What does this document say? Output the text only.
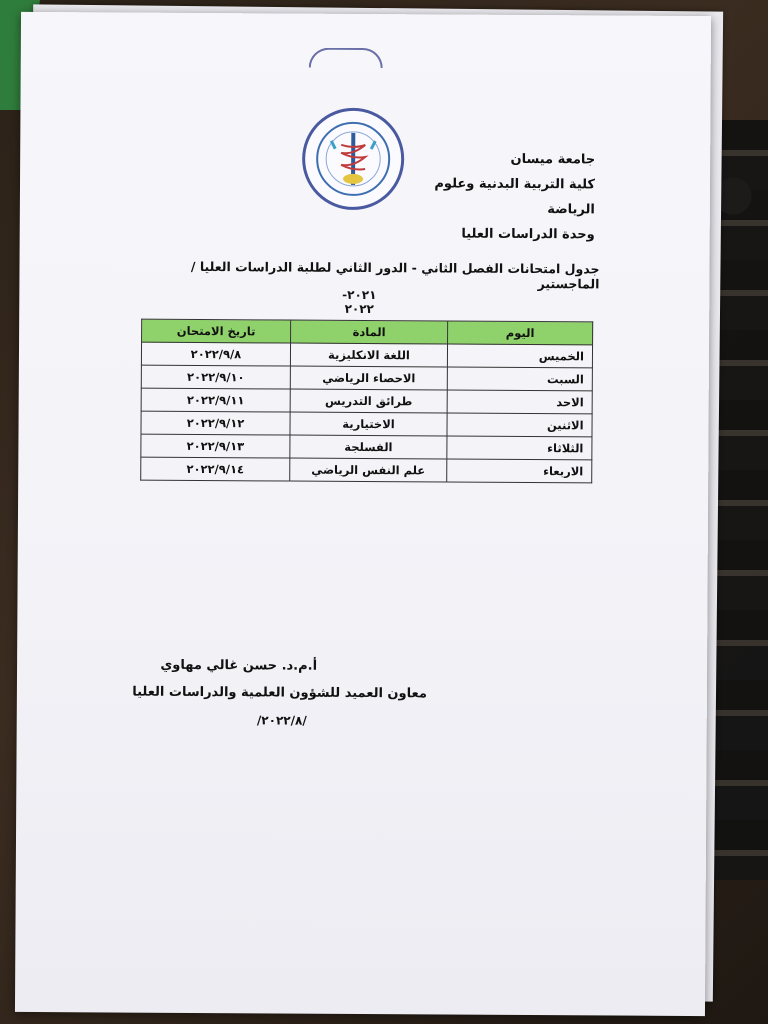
جامعة ميسان
كلية التربية البدنية وعلوم الرياضة
وحدة الدراسات العليا
جدول امتحانات الفصل الثاني - الدور الثاني لطلبة الدراسات العليا / الماجستير
٢٠٢١- ٢٠٢٢
اليوم	المادة	تاريخ الامتحان
الخميس	اللغة الانكليزية	٢٠٢٢/٩/٨
السبت	الاحصاء الرياضي	٢٠٢٢/٩/١٠
الاحد	طرائق التدريس	٢٠٢٢/٩/١١
الاثنين	الاختيارية	٢٠٢٢/٩/١٢
الثلاثاء	الفسلجة	٢٠٢٢/٩/١٣
الاربعاء	علم النفس الرياضي	٢٠٢٢/٩/١٤
أ.م.د. حسن غالي مهاوي
معاون العميد للشؤون العلمية والدراسات العليا
/٢٠٢٢/٨/
